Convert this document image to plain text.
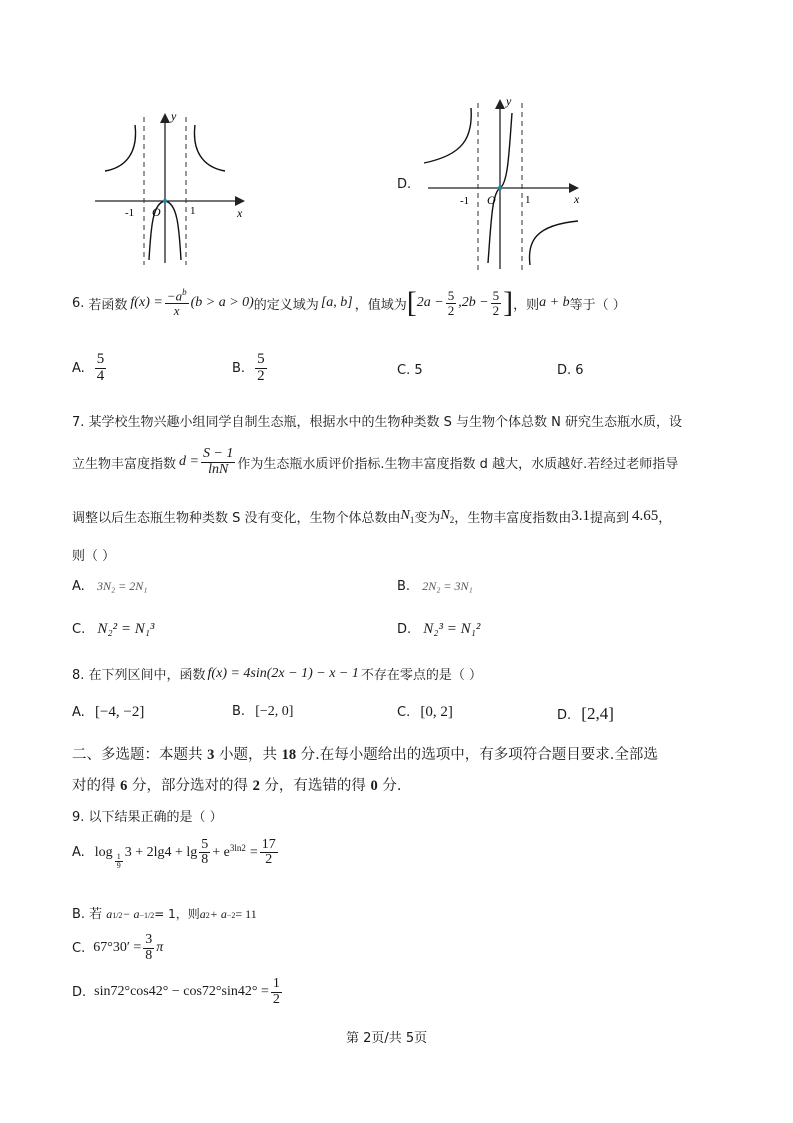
y
x
O
-1	1
D.
y
x
O
-1	1
6. 若函数 $f(x) = \frac{-a^b}{x} (b > a > 0)$ 的定义域为 [a, b] ，值域为 [ $2a - \frac{5}{2}$ , $2b - \frac{5}{2}$ ] ，则 a + b 等于（ ）
A. $\frac{5}{4}$	B. $\frac{5}{2}$	C. 5	D. 6
7. 某学校生物兴趣小组同学自制生态瓶，根据水中的生物种类数 S 与生物个体总数 N 研究生态瓶水质，设
立生物丰富度指数 $d = \frac{S - 1}{\ln N}$ 作为生态瓶水质评价指标.生物丰富度指数 d 越大，水质越好.若经过老师指导
调整以后生态瓶生物种类数 S 没有变化，生物个体总数由 $N_1$ 变为 $N_2$ ，生物丰富度指数由 3.1 提高到 4.65 ，
则（ ）
A. 3N₂ = 2N₁	B. 2N₂ = 3N₁
C. N₂² = N₁³	D. N₂³ = N₁²
8. 在下列区间中，函数 f(x) = 4sin(2x − 1) − x − 1 不存在零点的是（ ）
A. [−4, −2]	B. [−2, 0]	C. [0, 2]	D. [2,4]
二、多选题：本题共 3 小题，共 18 分.在每小题给出的选项中，有多项符合题目要求.全部选
对的得 6 分，部分选对的得 2 分，有选错的得 0 分.
9. 以下结果正确的是（ ）
A. log
$\frac{1}{9}$
$3 + 2\lg 4 + \lg \frac{5}{8} + e^{3ln2} = \frac{17}{2}$
B. 若 a 1/2 − a −1/2 = 1，则 a 2 + a −2 = 11
C. $67^\circ 30' = \frac{3}{8}$ π
D. $\sin 72^\circ\cos 42^\circ - \cos 72^\circ\sin 42^\circ = \frac{1}{2}$
第 2页/共 5页
